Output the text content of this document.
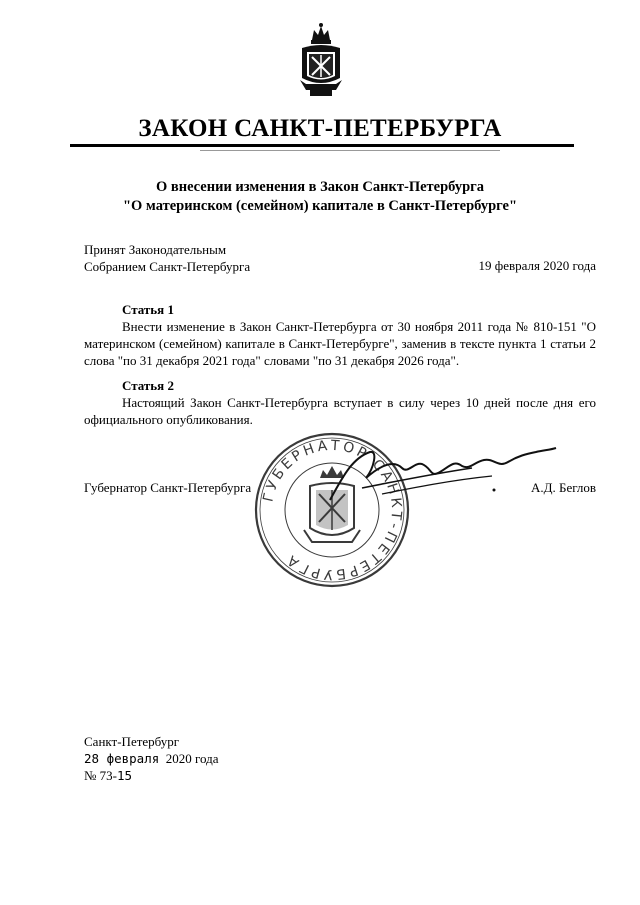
ЗАКОН САНКТ-ПЕТЕРБУРГА
О внесении изменения в Закон Санкт-Петербурга
"О материнском (семейном) капитале в Санкт-Петербурге"
Принят Законодательным
Собранием Санкт-Петербурга	19 февраля 2020 года
Статья 1
Внести изменение в Закон Санкт-Петербурга от 30 ноября 2011 года № 810-151 "О материнском (семейном) капитале в Санкт-Петербурге", заменив в тексте пункта 1 статьи 2 слова "по 31 декабря 2021 года" словами "по 31 декабря 2026 года".
Статья 2
Настоящий Закон Санкт-Петербурга вступает в силу через 10 дней после дня его официального опубликования.
ГУБЕРНАТОР САНКТ-ПЕТЕРБУРГА
Губернатор Санкт-Петербурга	А.Д. Беглов
Санкт-Петербург
28 февраля 2020 года
№ 73-15
